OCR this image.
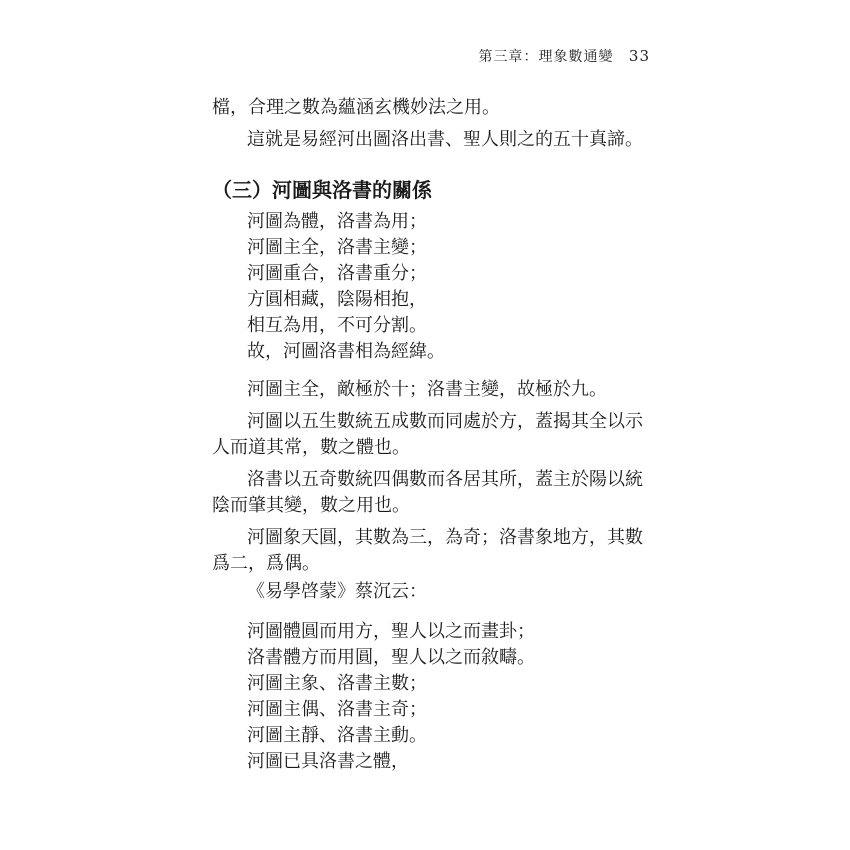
第三章：理象數通變 33
（三）河圖與洛書的關係
檔，合理之數為蘊涵玄機妙法之用。
這就是易經河出圖洛出書、聖人則之的五十真諦。
河圖為體，洛書為用；
河圖主全，洛書主變；
河圖重合，洛書重分；
方圓相藏，陰陽相抱，
相互為用，不可分割。
故，河圖洛書相為經緯。
河圖主全，敵極於十；洛書主變，故極於九。
河圖以五生數統五成數而同處於方，蓋揭其全以示
人而道其常，數之體也。
洛書以五奇數統四偶數而各居其所，蓋主於陽以統
陰而肇其變，數之用也。
河圖象天圓，其數為三，為奇；洛書象地方，其數
爲二，爲偶。
《易學啓蒙》蔡沉云：
河圖體圓而用方，聖人以之而畫卦；
洛書體方而用圓，聖人以之而敘疇。
河圖主象、洛書主數；
河圖主偶、洛書主奇；
河圖主靜、洛書主動。
河圖已具洛書之體，
